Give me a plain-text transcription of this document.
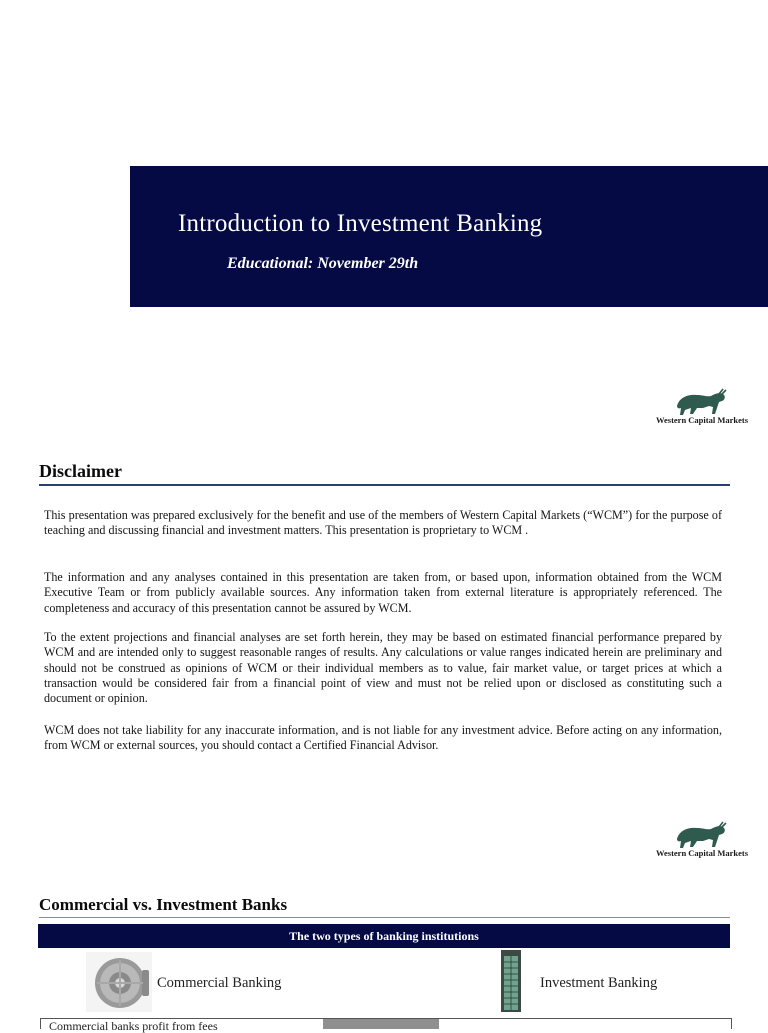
Introduction to Investment Banking
Educational: November 29th
Western Capital Markets
Disclaimer
This presentation was prepared exclusively for the benefit and use of the members of Western Capital Markets (“WCM”) for the purpose of teaching and discussing financial and investment matters. This presentation is proprietary to WCM .
The information and any analyses contained in this presentation are taken from, or based upon, information obtained from the WCM Executive Team or from publicly available sources. Any information taken from external literature is appropriately referenced. The completeness and accuracy of this presentation cannot be assured by WCM.
To the extent projections and financial analyses are set forth herein, they may be based on estimated financial performance prepared by WCM and are intended only to suggest reasonable ranges of results. Any calculations or value ranges indicated herein are preliminary and should not be construed as opinions of WCM or their individual members as to value, fair market value, or target prices at which a transaction would be considered fair from a financial point of view and must not be relied upon or disclosed as constituting such a document or opinion.
WCM does not take liability for any inaccurate information, and is not liable for any investment advice. Before acting on any information, from WCM or external sources, you should contact a Certified Financial Advisor.
Western Capital Markets
Commercial vs. Investment Banks
The two types of banking institutions
Commercial Banking	Investment Banking
Commercial banks profit from fees
